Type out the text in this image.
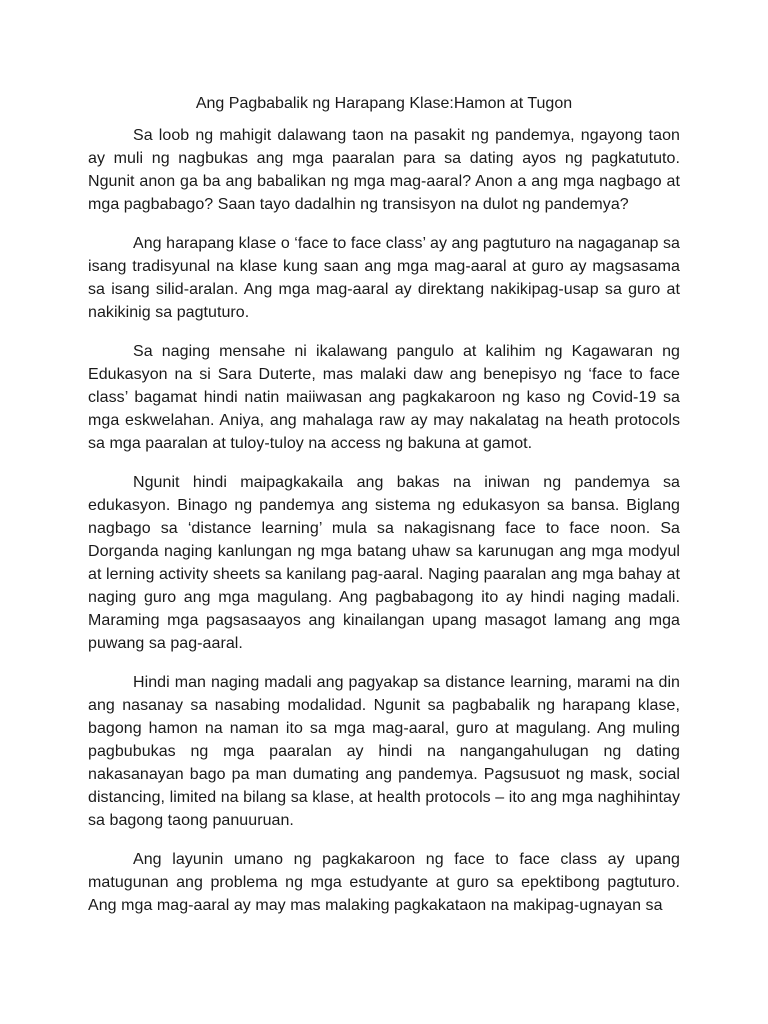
Ang Pagbabalik ng Harapang Klase:Hamon at Tugon

Sa loob ng mahigit dalawang taon na pasakit ng pandemya, ngayong taon ay muli ng nagbukas ang mga paaralan para sa dating ayos ng pagkatututo. Ngunit anon ga ba ang babalikan ng mga mag-aaral? Anon a ang mga nagbago at mga pagbabago? Saan tayo dadalhin ng transisyon na dulot ng pandemya?

Ang harapang klase o ‘face to face class’ ay ang pagtuturo na nagaganap sa isang tradisyunal na klase kung saan ang mga mag-aaral at guro ay magsasama sa isang silid-aralan. Ang mga mag-aaral ay direktang nakikipag-usap sa guro at nakikinig sa pagtuturo.

Sa naging mensahe ni ikalawang pangulo at kalihim ng Kagawaran ng Edukasyon na si Sara Duterte, mas malaki daw ang benepisyo ng ‘face to face class’ bagamat hindi natin maiiwasan ang pagkakaroon ng kaso ng Covid-19 sa mga eskwelahan. Aniya, ang mahalaga raw ay may nakalatag na heath protocols sa mga paaralan at tuloy-tuloy na access ng bakuna at gamot.

Ngunit hindi maipagkakaila ang bakas na iniwan ng pandemya sa edukasyon. Binago ng pandemya ang sistema ng edukasyon sa bansa. Biglang nagbago sa ‘distance learning’ mula sa nakagisnang face to face noon. Sa Dorganda naging kanlungan ng mga batang uhaw sa karunugan ang mga modyul at lerning activity sheets sa kanilang pag-aaral. Naging paaralan ang mga bahay at naging guro ang mga magulang. Ang pagbabagong ito ay hindi naging madali. Maraming mga pagsasaayos ang kinailangan upang masagot lamang ang mga puwang sa pag-aaral.

Hindi man naging madali ang pagyakap sa distance learning, marami na din ang nasanay sa nasabing modalidad. Ngunit sa pagbabalik ng harapang klase, bagong hamon na naman ito sa mga mag-aaral, guro at magulang. Ang muling pagbubukas ng mga paaralan ay hindi na nangangahulugan ng dating nakasanayan bago pa man dumating ang pandemya. Pagsusuot ng mask, social distancing, limited na bilang sa klase, at health protocols – ito ang mga naghihintay sa bagong taong panuuruan.

Ang layunin umano ng pagkakaroon ng face to face class ay upang matugunan ang problema ng mga estudyante at guro sa epektibong pagtuturo. Ang mga mag-aaral ay may mas malaking pagkakataon na makipag-ugnayan sa
